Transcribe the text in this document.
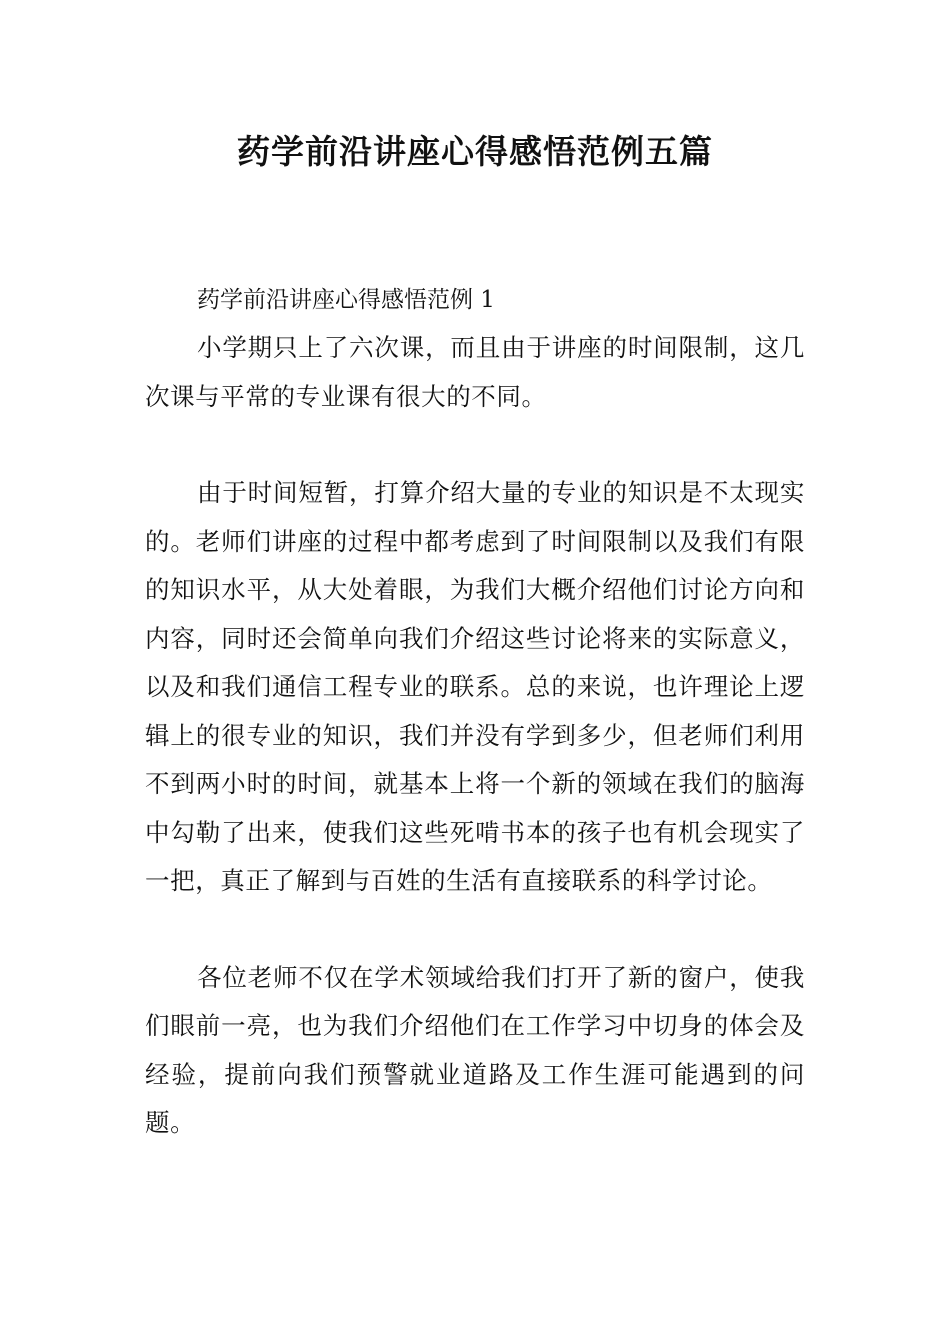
药学前沿讲座心得感悟范例五篇

药学前沿讲座心得感悟范例 1

小学期只上了六次课，而且由于讲座的时间限制，这几次课与平常的专业课有很大的不同。

由于时间短暂，打算介绍大量的专业的知识是不太现实的。老师们讲座的过程中都考虑到了时间限制以及我们有限的知识水平，从大处着眼，为我们大概介绍他们讨论方向和内容，同时还会简单向我们介绍这些讨论将来的实际意义，以及和我们通信工程专业的联系。总的来说，也许理论上逻辑上的很专业的知识，我们并没有学到多少，但老师们利用不到两小时的时间，就基本上将一个新的领域在我们的脑海中勾勒了出来，使我们这些死啃书本的孩子也有机会现实了一把，真正了解到与百姓的生活有直接联系的科学讨论。

各位老师不仅在学术领域给我们打开了新的窗户，使我们眼前一亮，也为我们介绍他们在工作学习中切身的体会及经验，提前向我们预警就业道路及工作生涯可能遇到的问题。
